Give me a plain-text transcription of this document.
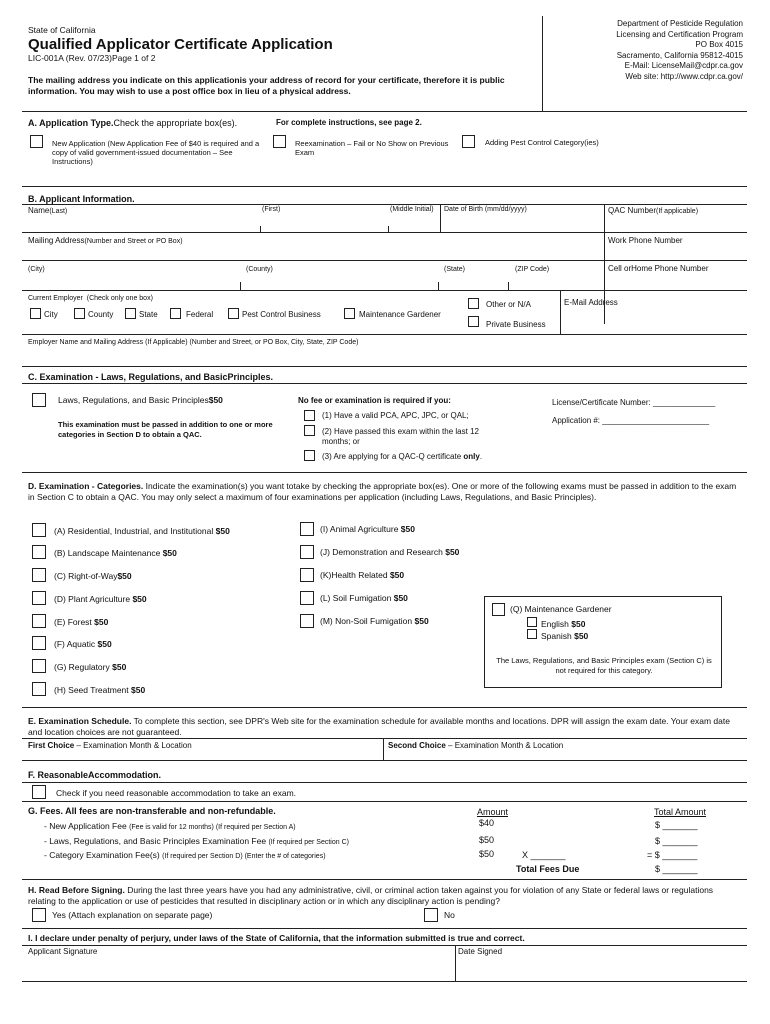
State of California
Qualified Applicator Certificate Application
LIC-001A (Rev. 07/23)Page 1 of 2
Department of Pesticide Regulation
Licensing and Certification Program
PO Box 4015
Sacramento, California 95812-4015
E-Mail: LicenseMail@cdpr.ca.gov
Web site: http://www.cdpr.ca.gov/
The mailing address you indicate on this applicationis your address of record for your certificate, therefore it is public information. You may wish to use a post office box in lieu of a physical address.
A. Application Type.Check the appropriate box(es).	For complete instructions, see page 2.
New Application (New Application Fee of $40 is required and a copy of valid government-issued documentation – See Instructions)
Reexamination – Fail or No Show on Previous Exam
Adding Pest Control Category(ies)
B. Applicant Information.
Name(Last)	(First)	(Middle Initial) Date of Birth (mm/dd/yyyy)	QAC Number(If applicable)
Mailing Address(Number and Street or PO Box)	Work Phone Number
(City)	(County)	(State)	(ZIP Code)	Cell orHome Phone Number
Current Employer (Check only one box)
City	County	State	Federal	Pest Control Business	Maintenance Gardener
Other or N/A
Private Business
E-Mail Address
Employer Name and Mailing Address (If Applicable) (Number and Street, or PO Box, City, State, ZIP Code)
C. Examination - Laws, Regulations, and BasicPrinciples.
Laws, Regulations, and Basic Principles$50
This examination must be passed in addition to one or more categories in Section D to obtain a QAC.
No fee or examination is required if you:
(1) Have a valid PCA, APC, JPC, or QAL;
(2) Have passed this exam within the last 12 months; or
(3) Are applying for a QAC-Q certificate only.
License/Certificate Number: ______________
Application #: ________________________
D. Examination - Categories. Indicate the examination(s) you want totake by checking the appropriate box(es). One or more of the following exams must be passed in addition to the exam in Section C to obtain a QAC. You may only select a maximum of four examinations per application (including Laws, Regulations, and Basic Principles).
(A) Residential, Industrial, and Institutional $50
(B) Landscape Maintenance $50
(C) Right-of-Way$50
(D) Plant Agriculture $50
(E) Forest $50
(F) Aquatic $50
(G) Regulatory $50
(H) Seed Treatment $50
(I) Animal Agriculture $50
(J) Demonstration and Research $50
(K)Health Related $50
(L) Soil Fumigation $50
(M) Non-Soil Fumigation $50
(Q) Maintenance Gardener
English $50
Spanish $50
The Laws, Regulations, and Basic Principles exam (Section C) is not required for this category.
E. Examination Schedule. To complete this section, see DPR's Web site for the examination schedule for available months and locations. DPR will assign the exam date. Your exam date and location choices are not guaranteed.
First Choice – Examination Month & Location	Second Choice – Examination Month & Location
F. ReasonableAccommodation.
Check if you need reasonable accommodation to take an exam.
G. Fees. All fees are non-transferable and non-refundable.	Amount	Total Amount
- New Application Fee (Fee is valid for 12 months) (If required per Section A)	$40	$ _______
- Laws, Regulations, and Basic Principles Examination Fee (If required per Section C)	$50	$ _______
- Category Examination Fee(s) (If required per Section D) (Enter the # of categories)	$50	X _______	= $ _______
Total Fees Due	$ _______
H. Read Before Signing. During the last three years have you had any administrative, civil, or criminal action taken against you for violation of any State or federal laws or regulations relating to the application or use of pesticides that resulted in disciplinary action or in which any disciplinary action is pending?
Yes (Attach explanation on separate page)	No
I. I declare under penalty of perjury, under laws of the State of California, that the information submitted is true and correct.
Applicant Signature	Date Signed
